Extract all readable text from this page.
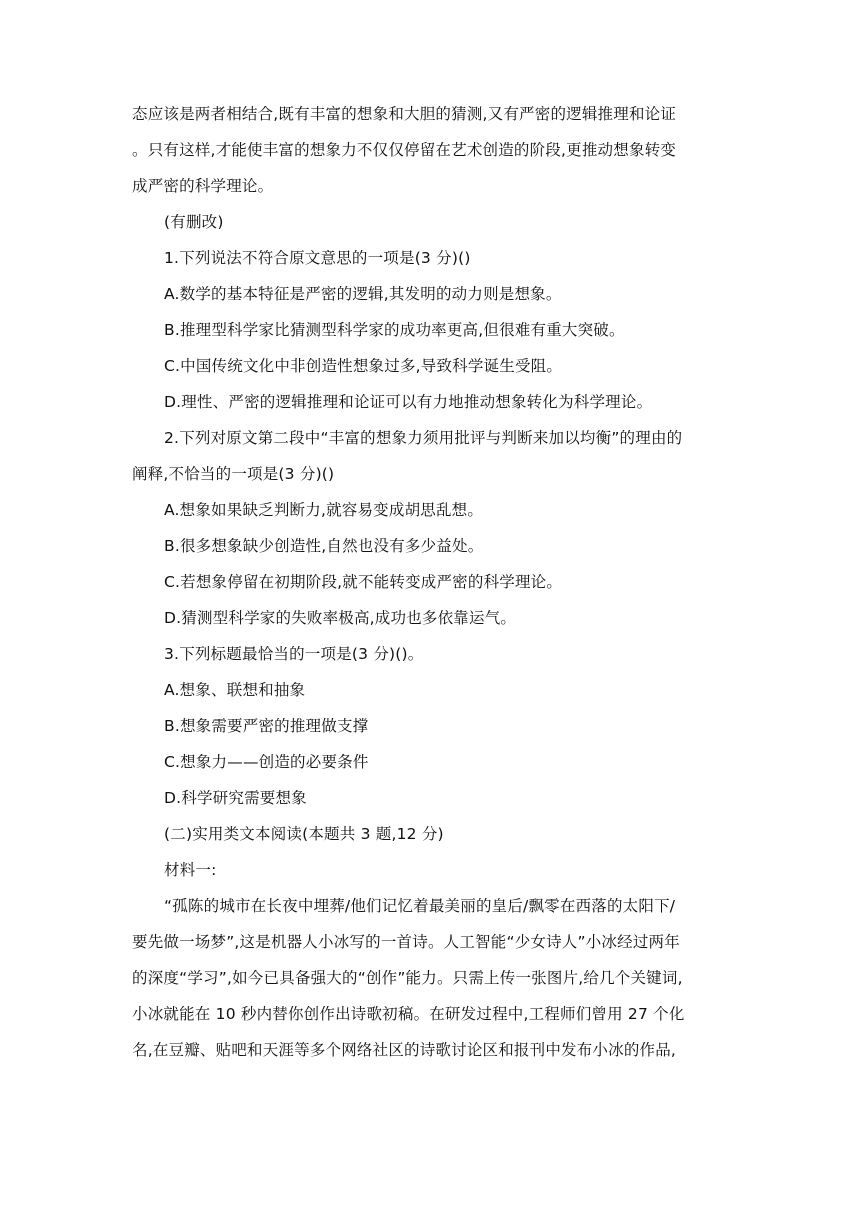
态应该是两者相结合,既有丰富的想象和大胆的猜测,又有严密的逻辑推理和论证
。只有这样,才能使丰富的想象力不仅仅停留在艺术创造的阶段,更推动想象转变
成严密的科学理论。
(有删改)
1.下列说法不符合原文意思的一项是(3 分)()
A.数学的基本特征是严密的逻辑,其发明的动力则是想象。
B.推理型科学家比猜测型科学家的成功率更高,但很难有重大突破。
C.中国传统文化中非创造性想象过多,导致科学诞生受阻。
D.理性、严密的逻辑推理和论证可以有力地推动想象转化为科学理论。
2.下列对原文第二段中“丰富的想象力须用批评与判断来加以均衡”的理由的
阐释,不恰当的一项是(3 分)()
A.想象如果缺乏判断力,就容易变成胡思乱想。
B.很多想象缺少创造性,自然也没有多少益处。
C.若想象停留在初期阶段,就不能转变成严密的科学理论。
D.猜测型科学家的失败率极高,成功也多依靠运气。
3.下列标题最恰当的一项是(3 分)()。
A.想象、联想和抽象
B.想象需要严密的推理做支撑
C.想象力——创造的必要条件
D.科学研究需要想象
(二)实用类文本阅读(本题共 3 题,12 分)
材料一:
“孤陈的城市在长夜中埋葬/他们记忆着最美丽的皇后/飘零在西落的太阳下/
要先做一场梦”,这是机器人小冰写的一首诗。人工智能“少女诗人”小冰经过两年
的深度“学习”,如今已具备强大的“创作”能力。只需上传一张图片,给几个关键词,
小冰就能在 10 秒内替你创作出诗歌初稿。在研发过程中,工程师们曾用 27 个化
名,在豆瓣、贴吧和天涯等多个网络社区的诗歌讨论区和报刊中发布小冰的作品,
